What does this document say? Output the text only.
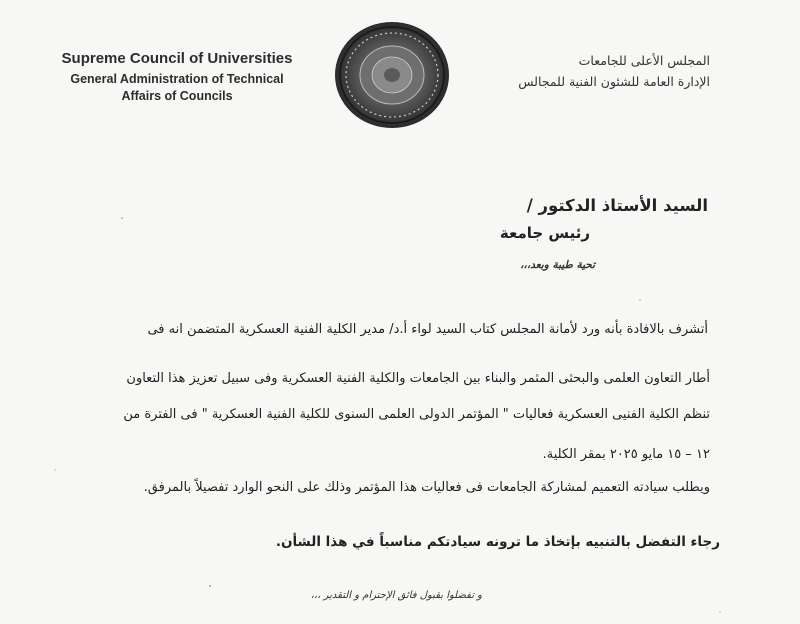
Supreme Council of Universities
General Administration of Technical
Affairs of Councils
المجلس الأعلى للجامعات
الإدارة العامة للشئون الفنية للمجالس
السيد الأستاذ الدكتور /
رئيس جامعة
تحية طيبة وبعد،،،
أتشرف بالافادة بأنه ورد لأمانة المجلس كتاب السيد لواء أ.د/ مدير الكلية الفنية العسكرية المتضمن انه فى
أطار التعاون العلمى والبحثى المثمر والبناء بين الجامعات والكلية الفنية العسكرية وفى سبيل تعزيز هذا التعاون
تنظم الكلية الفنيى العسكرية فعاليات " المؤتمر الدولى العلمى السنوى للكلية الفنية العسكرية " فى الفترة من
١٢ – ١٥ مايو ٢٠٢٥ بمقر الكلية.
ويطلب سيادته التعميم لمشاركة الجامعات فى فعاليات هذا المؤتمر وذلك على النحو الوارد تفصيلاً بالمرفق.
رجاء التفضل بالتنبيه بإتخاذ ما ترونه سيادتكم مناسباً في هذا الشأن.
و تفضلوا بقبول فائق الإحترام و التقدير ،،،
